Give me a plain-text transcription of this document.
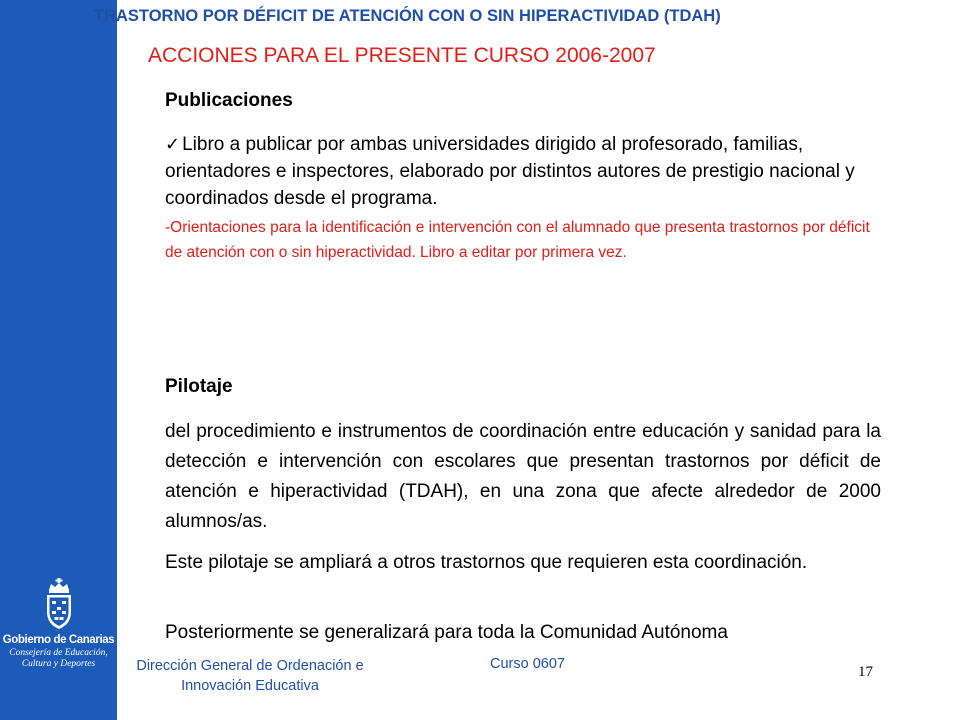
Gobierno de Canarias
Consejería de Educación,
Cultura y Deportes
TRASTORNO POR DÉFICIT DE ATENCIÓN CON O SIN HIPERACTIVIDAD (TDAH)
ACCIONES PARA EL PRESENTE CURSO 2006-2007
Publicaciones
✓ Libro a publicar por ambas universidades dirigido al profesorado, familias, orientadores e inspectores, elaborado por distintos autores de prestigio nacional y coordinados desde el programa.
-Orientaciones para la identificación e intervención con el alumnado que presenta trastornos por déficit de atención con o sin hiperactividad. Libro a editar por primera vez.
Pilotaje
del procedimiento e instrumentos de coordinación entre educación y sanidad para la detección e intervención con escolares que presentan trastornos por déficit de atención e hiperactividad (TDAH), en una zona que afecte alrededor de 2000 alumnos/as.
Este pilotaje se ampliará a otros trastornos que requieren esta coordinación.
Posteriormente se generalizará para toda la Comunidad Autónoma
Dirección General de Ordenación e
Innovación Educativa
Curso 0607	17
